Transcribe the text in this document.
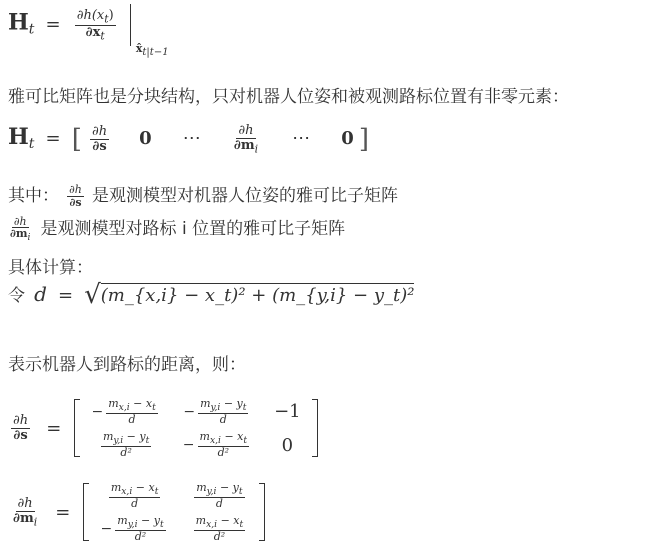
$H_t = \frac{\partial h(x_t)}{\partial x_t}$
$x̂_{t|t-1}$
雅可比矩阵也是分块结构，只对机器人位姿和被观测路标位置有非零元素：
$H_t$ = [ $\frac{\partial h}{\partial s} 0$ ⋯ $\frac{\partial h}{\partial m_i}$ ⋯ 0 ]
其中： $\frac{\partial h}{\partial s}$ 是观测模型对机器人位姿的雅可比子矩阵
$\frac{\partial h}{\partial m_i}$ 是观测模型对路标 i 位置的雅可比子矩阵
具体计算：
令 d = √(m_{x,i} − x_t)² + (m_{y,i} − y_t)²
表示机器人到路标的距离，则：
$\frac{\partial h}{\partial s}$ =
− $\frac{m_{x,i} - x_t}{d} - \frac{m_{y,i} - y_t}{d} -1$
$\frac{m_{y,i} - y_t}{\text{d²}} - \frac{m_{x,i} - x_t}{\text{d²}} 0$

$\frac{\partial h}{\partial m_i}$ =
$\frac{m_{x,i} - x_t}{d}$	$\frac{m_{y,i} - y_t}{d}$
− $\frac{m_{y,i} - y_t}{\text{d²}}$	$\frac{m_{x,i} - x_t}{\text{d²}}$
